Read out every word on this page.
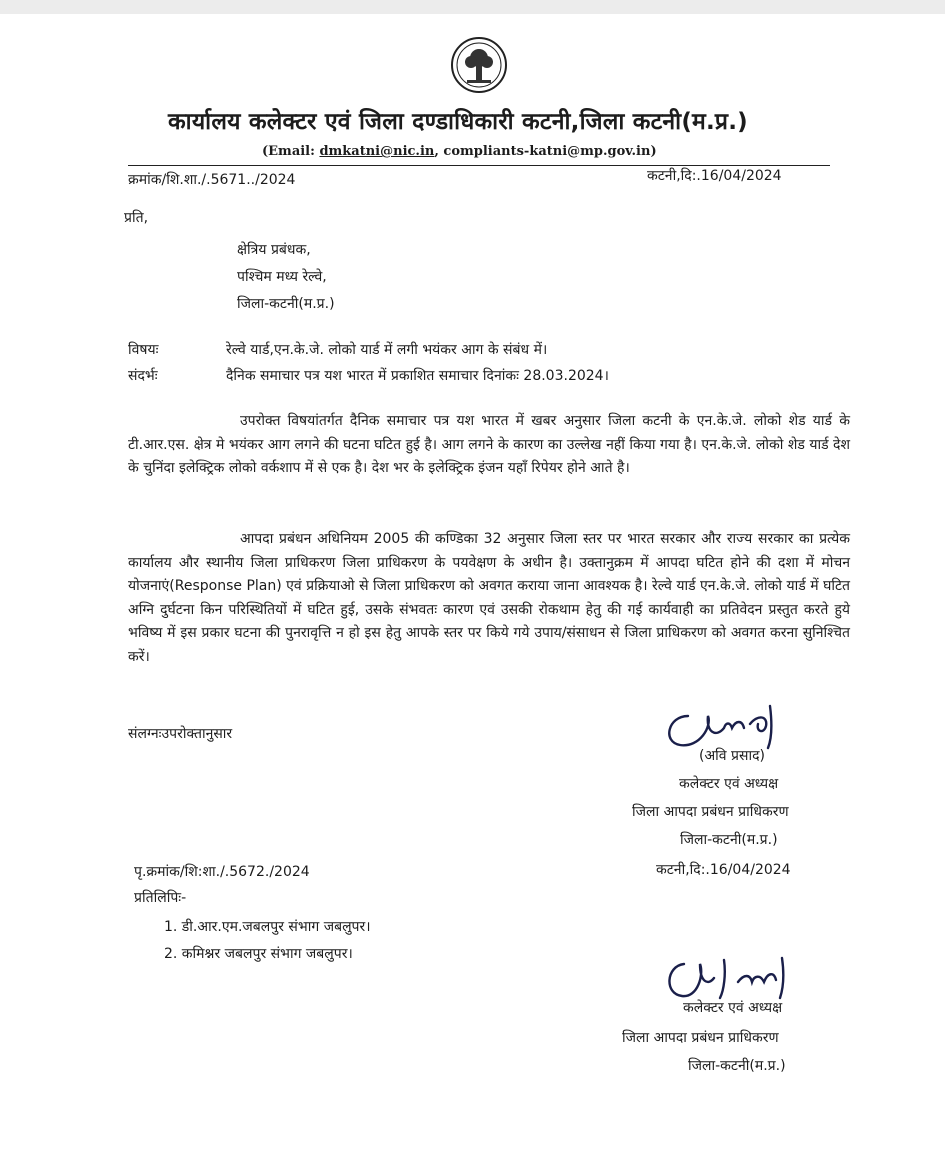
कार्यालय कलेक्टर एवं जिला दण्डाधिकारी कटनी,जिला कटनी(म.प्र.)
(Email: dmkatni@nic.in, compliants-katni@mp.gov.in)
क्रमांक/शि.शा./.5671../2024	कटनी,दि:.16/04/2024
प्रति,
क्षेत्रिय प्रबंधक,
पश्चिम मध्य रेल्वे,
जिला-कटनी(म.प्र.)
विषयः	रेल्वे यार्ड,एन.के.जे. लोको यार्ड में लगी भयंकर आग के संबंध में।
संदर्भः	दैनिक समाचार पत्र यश भारत में प्रकाशित समाचार दिनांकः 28.03.2024।

उपरोक्त विषयांतर्गत दैनिक समाचार पत्र यश भारत में खबर अनुसार जिला कटनी के एन.के.जे. लोको शेड यार्ड के टी.आर.एस. क्षेत्र मे भयंकर आग लगने की घटना घटित हुई है। आग लगने के कारण का उल्लेख नहीं किया गया है। एन.के.जे. लोको शेड यार्ड देश के चुनिंदा इलेक्ट्रिक लोको वर्कशाप में से एक है। देश भर के इलेक्ट्रिक इंजन यहाँ रिपेयर होने आते है।

आपदा प्रबंधन अधिनियम 2005 की कण्डिका 32 अनुसार जिला स्तर पर भारत सरकार और राज्य सरकार का प्रत्येक कार्यालय और स्थानीय जिला प्राधिकरण जिला प्राधिकरण के पयवेक्षण के अधीन है। उक्तानुक्रम में आपदा घटित होने की दशा में मोचन योजनाएं(Response Plan) एवं प्रक्रियाओ से जिला प्राधिकरण को अवगत कराया जाना आवश्यक है। रेल्वे यार्ड एन.के.जे. लोको यार्ड में घटित अग्नि दुर्घटना किन परिस्थितियों में घटित हुई, उसके संभवतः कारण एवं उसकी रोकथाम हेतु की गई कार्यवाही का प्रतिवेदन प्रस्तुत करते हुये भविष्य में इस प्रकार घटना की पुनरावृत्ति न हो इस हेतु आपके स्तर पर किये गये उपाय/संसाधन से जिला प्राधिकरण को अवगत करना सुनिश्चित करें।

संलग्नःउपरोक्तानुसार
(अवि प्रसाद)
कलेक्टर एवं अध्यक्ष
जिला आपदा प्रबंधन प्राधिकरण
जिला-कटनी(म.प्र.)
पृ.क्रमांक/शि:शा./.5672./2024	कटनी,दि:.16/04/2024
प्रतिलिपिः-
1. डी.आर.एम.जबलपुर संभाग जबलुपर।
2. कमिश्नर जबलपुर संभाग जबलुपर।
कलेक्टर एवं अध्यक्ष
जिला आपदा प्रबंधन प्राधिकरण
जिला-कटनी(म.प्र.)
